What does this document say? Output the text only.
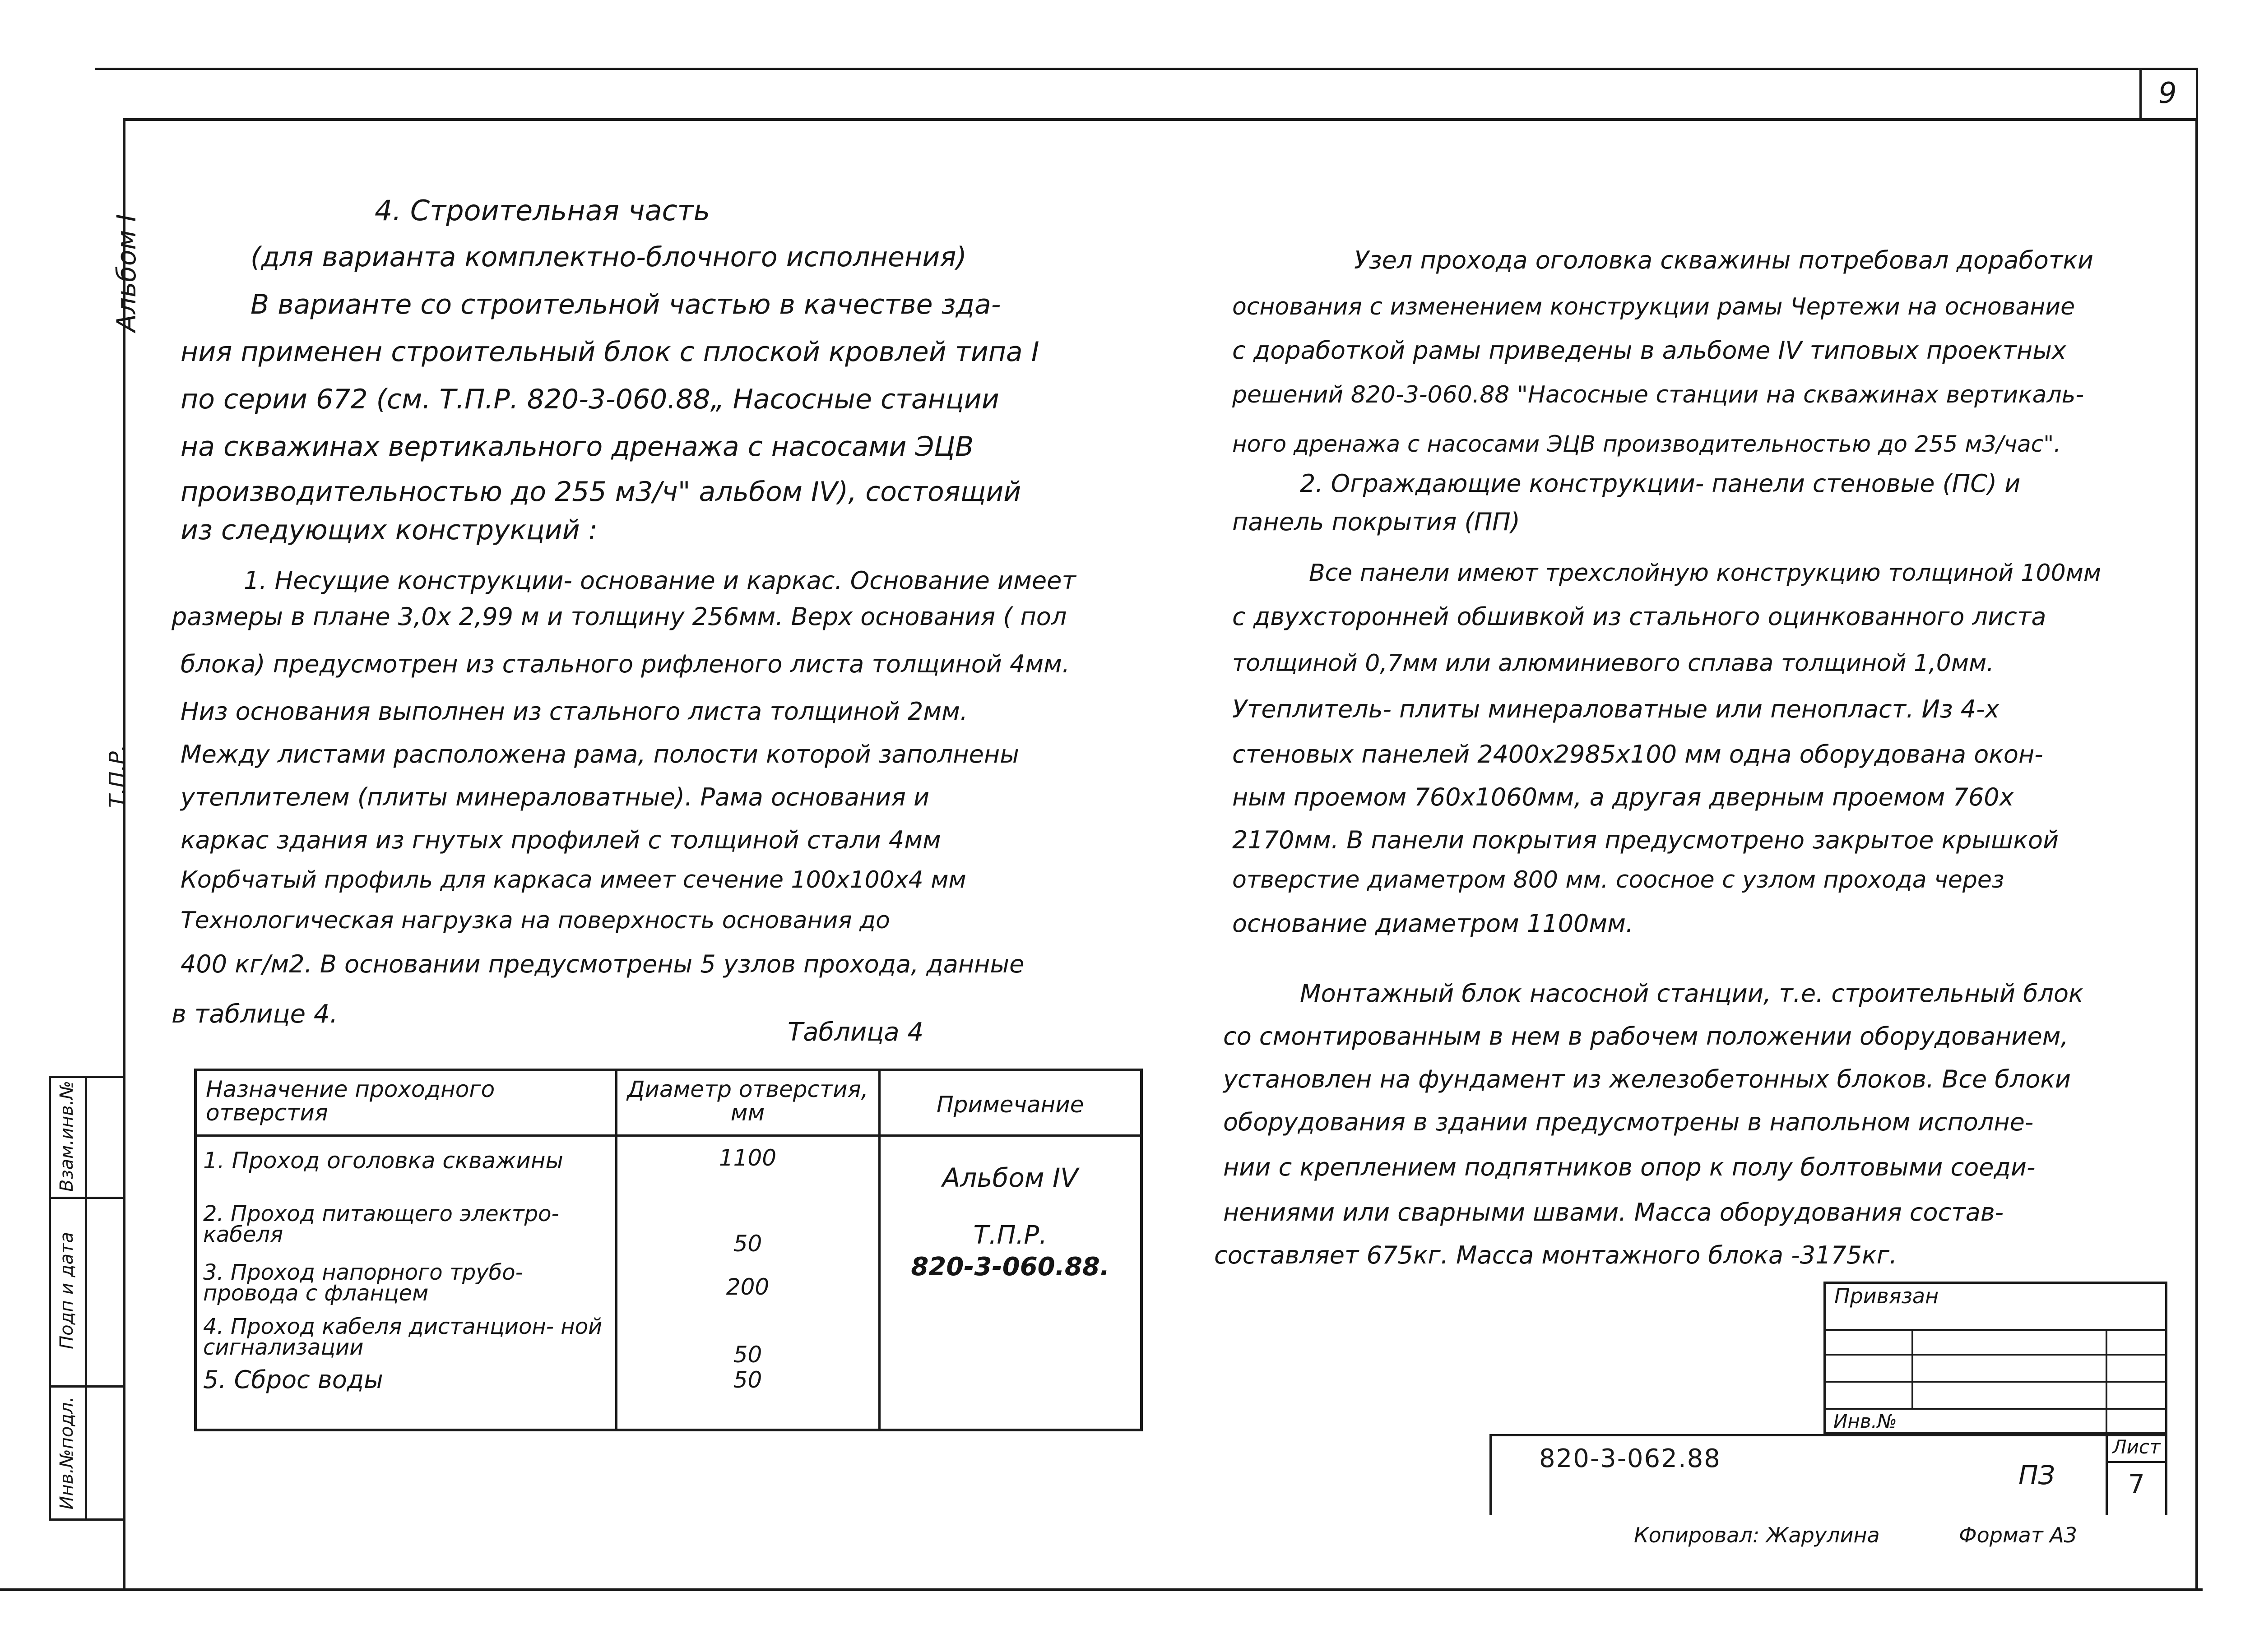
9
Альбом I
Т.П.Р.
Взам.инв.№
Подп и дата
Инв.№подл.
4. Строительная часть
(для варианта комплектно-блочного исполнения)
В варианте со строительной частью в качестве зда-
ния применен строительный блок с плоской кровлей типа I
по серии 672 (см. Т.П.Р. 820-3-060.88„ Насосные станции
на скважинах вертикального дренажа с насосами ЭЦВ
производительностью до 255 м3/ч" альбом IV), состоящий
из следующих конструкций :
1. Несущие конструкции- основание и каркас. Основание имеет
размеры в плане 3,0х 2,99 м и толщину 256мм. Верх основания ( пол
блока) предусмотрен из стального рифленого листа толщиной 4мм.
Низ основания выполнен из стального листа толщиной 2мм.
Между листами расположена рама, полости которой заполнены
утеплителем (плиты минераловатные). Рама основания и
каркас здания из гнутых профилей с толщиной стали 4мм
Корбчатый профиль для каркаса имеет сечение 100х100х4 мм
Технологическая нагрузка на поверхность основания до
400 кг/м2. В основании предусмотрены 5 узлов прохода, данные
в таблице 4.
Таблица 4
Назначение проходного отверстия	Диаметр отверстия, мм	Примечание
1. Проход оголовка скважины	1100	Альбом IV
Т.П.Р.
820-3-060.88.

2. Проход питающего электро- кабеля	50	
3. Проход напорного трубо- провода с фланцем	200	
4. Проход кабеля дистанцион- ной сигнализации	50	
5. Сброс воды	50	
Узел прохода оголовка скважины потребовал доработки
основания с изменением конструкции рамы Чертежи на основание
с доработкой рамы приведены в альбоме IV типовых проектных
решений 820-3-060.88 "Насосные станции на скважинах вертикаль-
ного дренажа с насосами ЭЦВ производительностью до 255 м3/час".
2. Ограждающие конструкции- панели стеновые (ПС) и
панель покрытия (ПП)
Все панели имеют трехслойную конструкцию толщиной 100мм
с двухсторонней обшивкой из стального оцинкованного листа
толщиной 0,7мм или алюминиевого сплава толщиной 1,0мм.
Утеплитель- плиты минераловатные или пенопласт. Из 4-х
стеновых панелей 2400х2985х100 мм одна оборудована окон-
ным проемом 760х1060мм, а другая дверным проемом 760х
2170мм. В панели покрытия предусмотрено закрытое крышкой
отверстие диаметром 800 мм. соосное с узлом прохода через
основание диаметром 1100мм.
Монтажный блок насосной станции, т.е. строительный блок
со смонтированным в нем в рабочем положении оборудованием,
установлен на фундамент из железобетонных блоков. Все блоки
оборудования в здании предусмотрены в напольном исполне-
нии с креплением подпятников опор к полу болтовыми соеди-
нениями или сварными швами. Масса оборудования состав-
составляет 675кг. Масса монтажного блока -3175кг.
Привязан
Инв.№
820-3-062.88
ПЗ
Лист
7
Копировал: Жарулина	Формат А3
